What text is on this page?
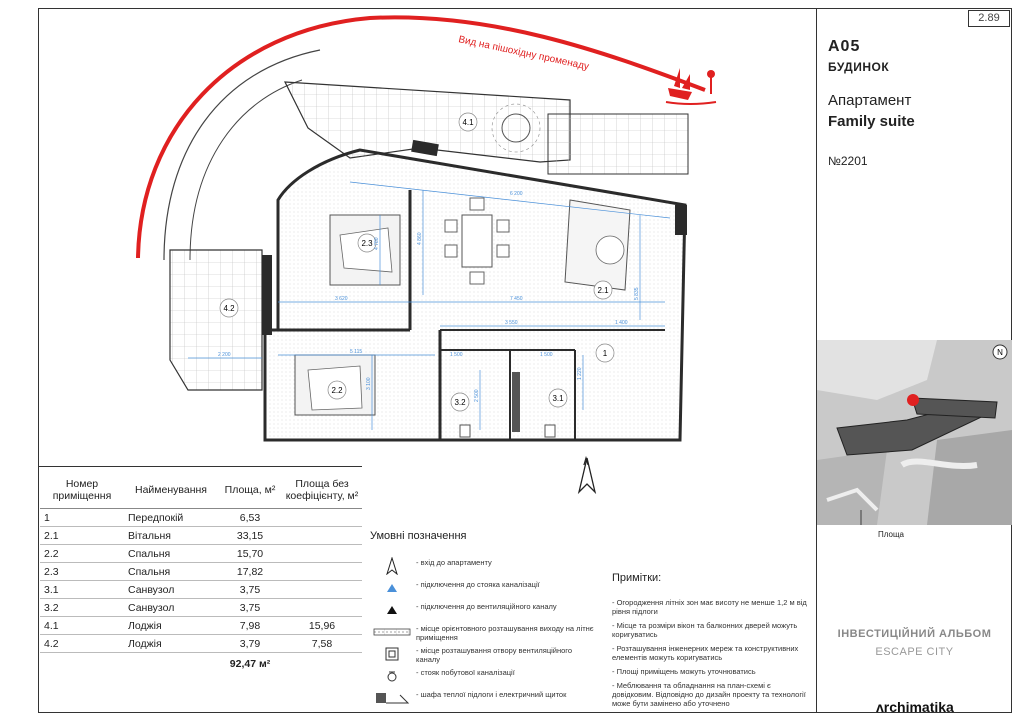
2.89
A05
БУДИНОК
Апартамент
Family suite
№2201
Вид на пішохідну променаду
4.1
4.2
2.3
2.1
1
2.2
3.2	3.1
6 200
7 450
3 620
3 550	1 400
5 115
2 200	1 500	1 500
3 100
4 780	4 860
5 835
1 220
2 500
Номер приміщення	Найменування	Площа, м²	Площа без коефіцієнту, м²
1	Передпокій	6,53	
2.1	Вітальня	33,15	
2.2	Спальня	15,70	
2.3	Спальня	17,82	
3.1	Санвузол	3,75	
3.2	Санвузол	3,75	
4.1	Лоджія	7,98	15,96
4.2	Лоджія	3,79	7,58
		92,47 м²	
Умовні позначення
- вхід до апартаменту
- підключення до стояка каналізації
- підключення до вентиляційного каналу
- місце орієнтовного розташування виходу на літнє приміщення
- місце розташування отвору вентиляційного каналу
- стояк побутової каналізації
- шафа теплої підлоги і електричний щиток
Примітки:
- Огородження літніх зон має висоту не менше 1,2 м від рівня підлоги
- Місце та розміри вікон та балконних дверей можуть коригуватись
- Розташування інженерних мереж та конструктивних елементів можуть коригуватись
- Площі приміщень можуть уточнюватись
- Меблювання та обладнання на план-схемі є довідковим. Відповідно до дизайн проекту та технології може бути замінено або уточнено
N
Площа
ІНВЕСТИЦІЙНИЙ АЛЬБОМ
ESCAPE CITY
ʌrchimatika
